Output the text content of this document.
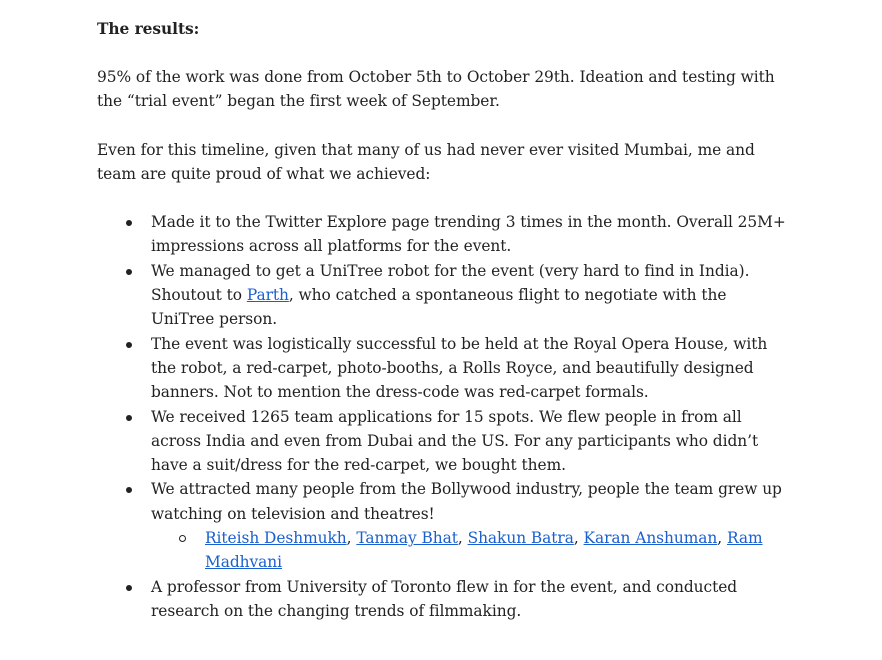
The results:

95% of the work was done from October 5th to October 29th. Ideation and testing with the “trial event” began the first week of September.

Even for this timeline, given that many of us had never ever visited Mumbai, me and team are quite proud of what we achieved:

Made it to the Twitter Explore page trending 3 times in the month. Overall 25M+ impressions across all platforms for the event.
We managed to get a UniTree robot for the event (very hard to find in India). Shoutout to Parth, who catched a spontaneous flight to negotiate with the UniTree person.
The event was logistically successful to be held at the Royal Opera House, with the robot, a red-carpet, photo-booths, a Rolls Royce, and beautifully designed banners. Not to mention the dress-code was red-carpet formals.
We received 1265 team applications for 15 spots. We flew people in from all across India and even from Dubai and the US. For any participants who didn’t have a suit/dress for the red-carpet, we bought them.
We attracted many people from the Bollywood industry, people the team grew up watching on television and theatres!
Riteish Deshmukh, Tanmay Bhat, Shakun Batra, Karan Anshuman, Ram Madhvani
A professor from University of Toronto flew in for the event, and conducted research on the changing trends of filmmaking.
